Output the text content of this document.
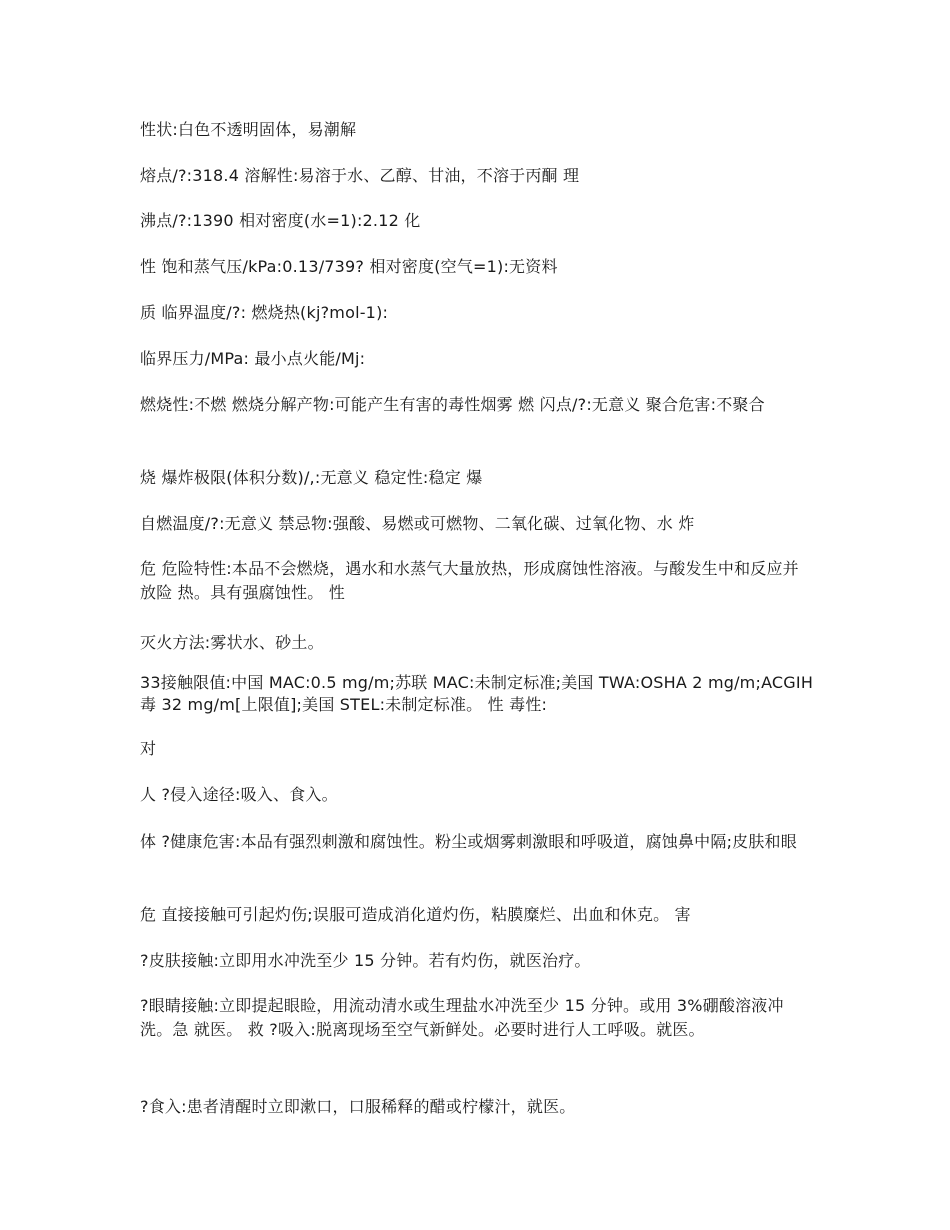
性状:白色不透明固体，易潮解

熔点/?:318.4 溶解性:易溶于水、乙醇、甘油，不溶于丙酮 理

沸点/?:1390 相对密度(水=1):2.12 化

性 饱和蒸气压/kPa:0.13/739? 相对密度(空气=1):无资料

质 临界温度/?: 燃烧热(kj?mol-1):

临界压力/MPa: 最小点火能/Mj:

燃烧性:不燃 燃烧分解产物:可能产生有害的毒性烟雾 燃 闪点/?:无意义 聚合危害:不聚合

烧 爆炸极限(体积分数)/,:无意义 稳定性:稳定 爆

自燃温度/?:无意义 禁忌物:强酸、易燃或可燃物、二氧化碳、过氧化物、水 炸

危 危险特性:本品不会燃烧，遇水和水蒸气大量放热，形成腐蚀性溶液。与酸发生中和反应并放险 热。具有强腐蚀性。 性

灭火方法:雾状水、砂土。

33接触限值:中国 MAC:0.5 mg/m;苏联 MAC:未制定标准;美国 TWA:OSHA 2 mg/m;ACGIH 毒 32 mg/m[上限值];美国 STEL:未制定标准。 性 毒性:

对

人 ?侵入途径:吸入、食入。

体 ?健康危害:本品有强烈刺激和腐蚀性。粉尘或烟雾刺激眼和呼吸道，腐蚀鼻中隔;皮肤和眼

危 直接接触可引起灼伤;误服可造成消化道灼伤，粘膜糜烂、出血和休克。 害

?皮肤接触:立即用水冲洗至少 15 分钟。若有灼伤，就医治疗。

?眼睛接触:立即提起眼睑，用流动清水或生理盐水冲洗至少 15 分钟。或用 3%硼酸溶液冲洗。急 就医。 救 ?吸入:脱离现场至空气新鲜处。必要时进行人工呼吸。就医。

?食入:患者清醒时立即漱口，口服稀释的醋或柠檬汁，就医。
